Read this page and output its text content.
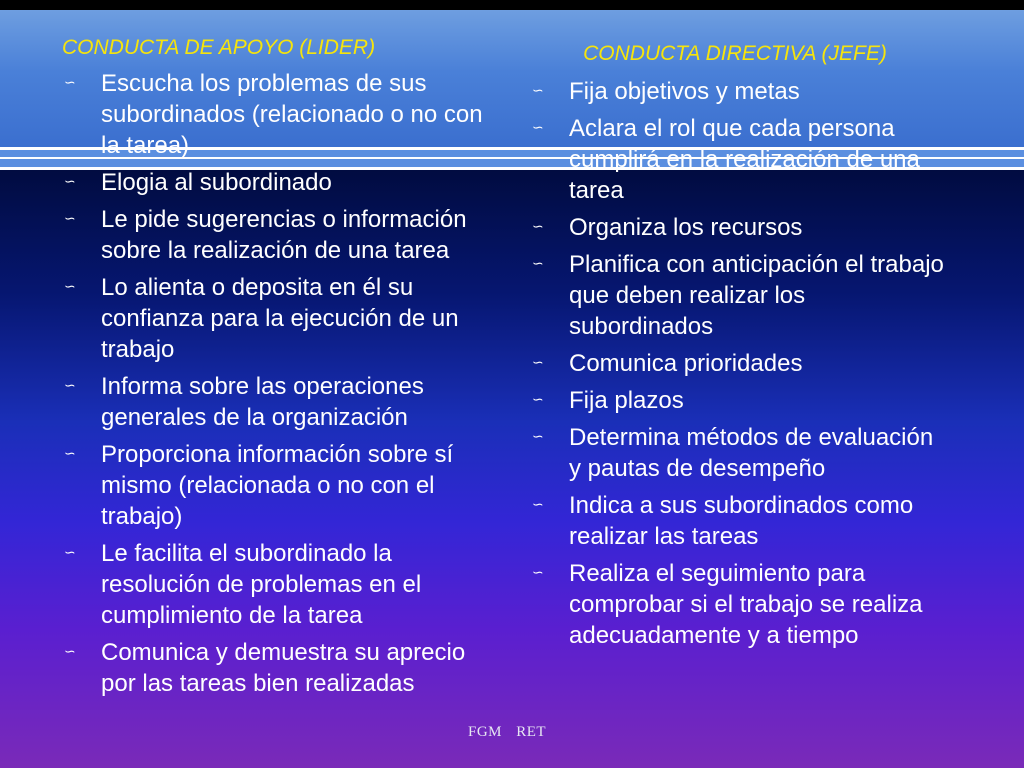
CONDUCTA DE APOYO (LIDER)
∽	Escucha los problemas de sus subordinados (relacionado o no con la tarea)
∽	Elogia al subordinado
∽	Le pide sugerencias o información sobre la realización de una tarea
∽	Lo alienta o deposita en él su confianza para la ejecución de un trabajo
∽	Informa sobre las operaciones generales de la organización
∽	Proporciona información sobre sí mismo (relacionada o no con el trabajo)
∽	Le facilita el subordinado la resolución de problemas en el cumplimiento de la tarea
∽	Comunica y demuestra su aprecio por las tareas bien realizadas
CONDUCTA DIRECTIVA (JEFE)
∽	Fija objetivos y metas
∽	Aclara el rol que cada persona cumplirá en la realización de una tarea
∽	Organiza los recursos
∽	Planifica con anticipación el trabajo que deben realizar los subordinados
∽	Comunica prioridades
∽	Fija plazos
∽	Determina métodos de evaluación y pautas de desempeño
∽	Indica a sus subordinados como realizar las tareas
∽	Realiza el seguimiento para comprobar si el trabajo se realiza adecuadamente y a tiempo
FGM RET
